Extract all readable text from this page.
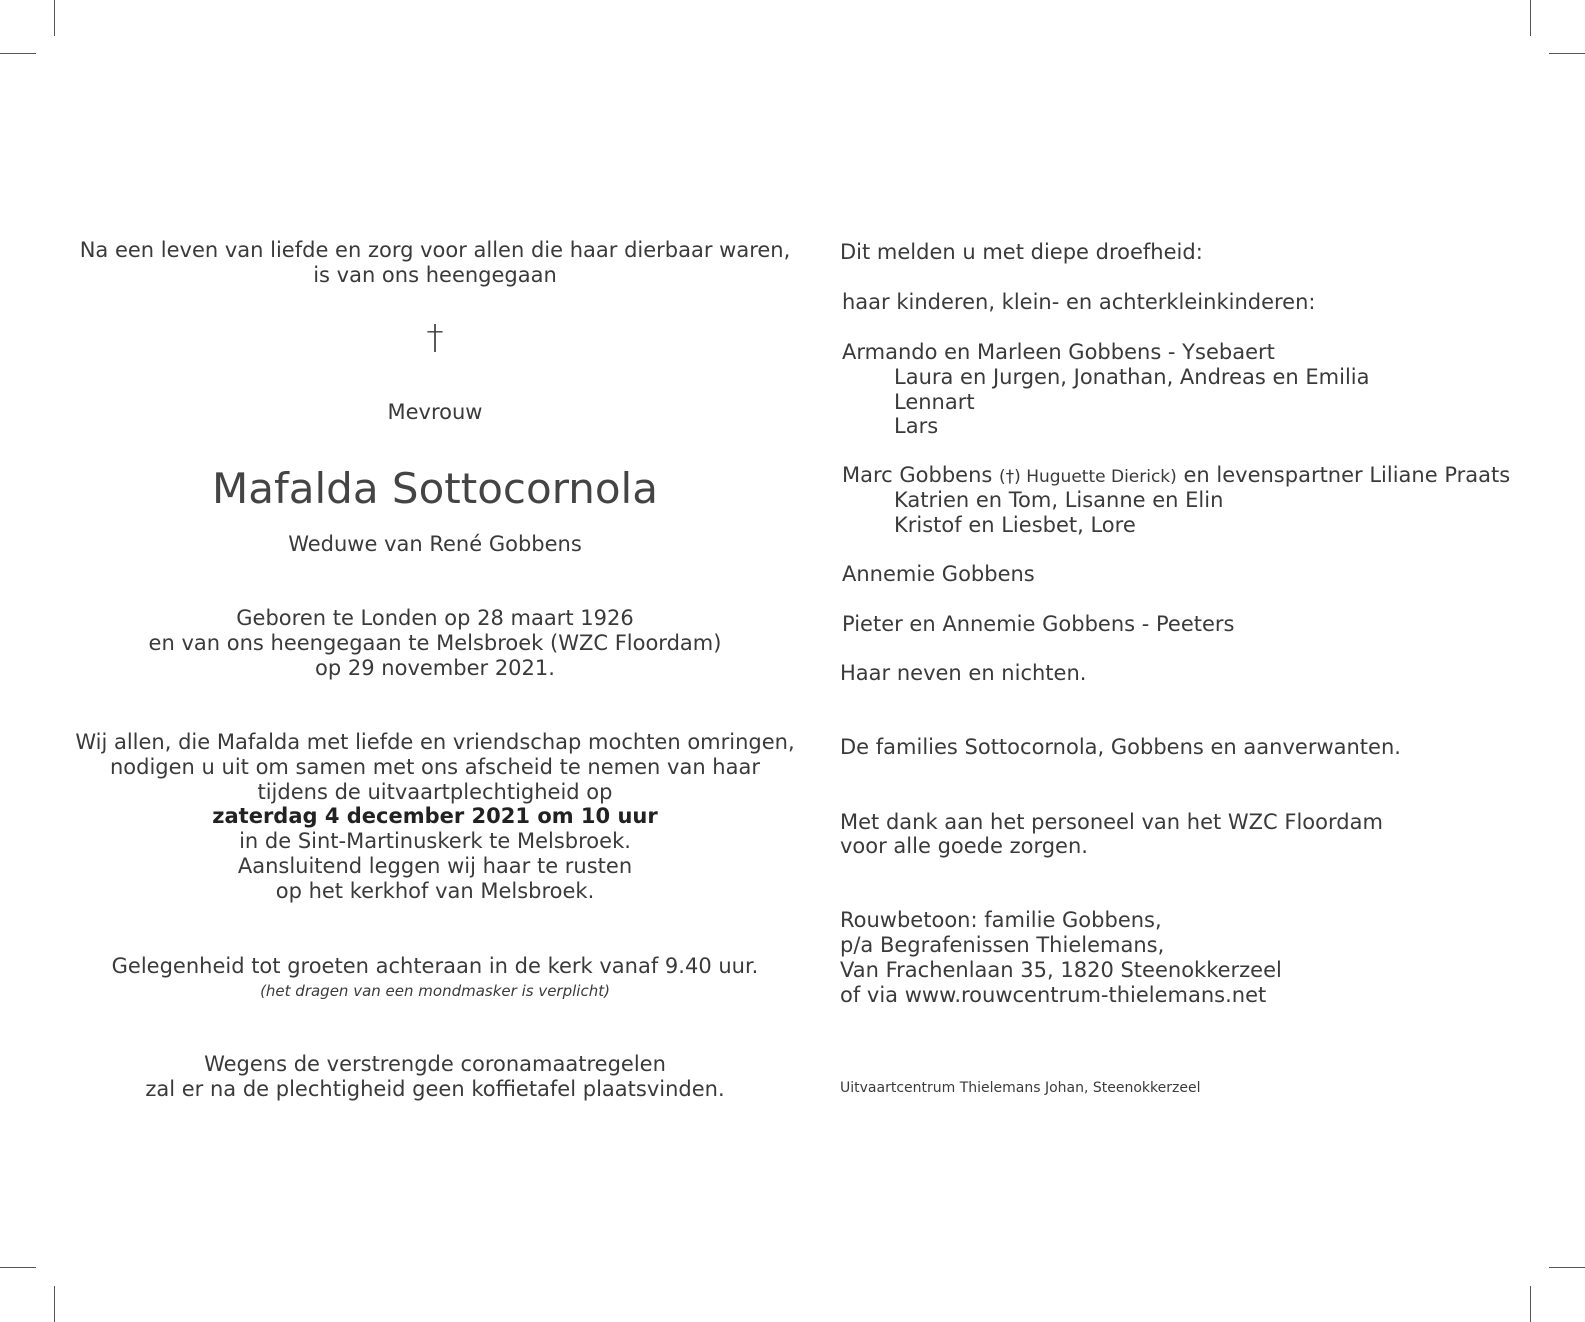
Na een leven van liefde en zorg voor allen die haar dierbaar waren,
is van ons heengegaan
†
Mevrouw
Mafalda Sottocornola
Weduwe van René Gobbens
Geboren te Londen op 28 maart 1926
en van ons heengegaan te Melsbroek (WZC Floordam)
op 29 november 2021.
Wij allen, die Mafalda met liefde en vriendschap mochten omringen,
nodigen u uit om samen met ons afscheid te nemen van haar
tijdens de uitvaartplechtigheid op
zaterdag 4 december 2021 om 10 uur
in de Sint-Martinuskerk te Melsbroek.
Aansluitend leggen wij haar te rusten
op het kerkhof van Melsbroek.
Gelegenheid tot groeten achteraan in de kerk vanaf 9.40 uur.
(het dragen van een mondmasker is verplicht)
Wegens de verstrengde coronamaatregelen
zal er na de plechtigheid geen koffietafel plaatsvinden.
Dit melden u met diepe droefheid:
haar kinderen, klein- en achterkleinkinderen:
Armando en Marleen Gobbens - Ysebaert
Laura en Jurgen, Jonathan, Andreas en Emilia
Lennart
Lars
Marc Gobbens (†) Huguette Dierick) en levenspartner Liliane Praats
Katrien en Tom, Lisanne en Elin
Kristof en Liesbet, Lore
Annemie Gobbens
Pieter en Annemie Gobbens - Peeters
Haar neven en nichten.
De families Sottocornola, Gobbens en aanverwanten.
Met dank aan het personeel van het WZC Floordam
voor alle goede zorgen.
Rouwbetoon: familie Gobbens,
p/a Begrafenissen Thielemans,
Van Frachenlaan 35, 1820 Steenokkerzeel
of via www.rouwcentrum-thielemans.net
Uitvaartcentrum Thielemans Johan, Steenokkerzeel
